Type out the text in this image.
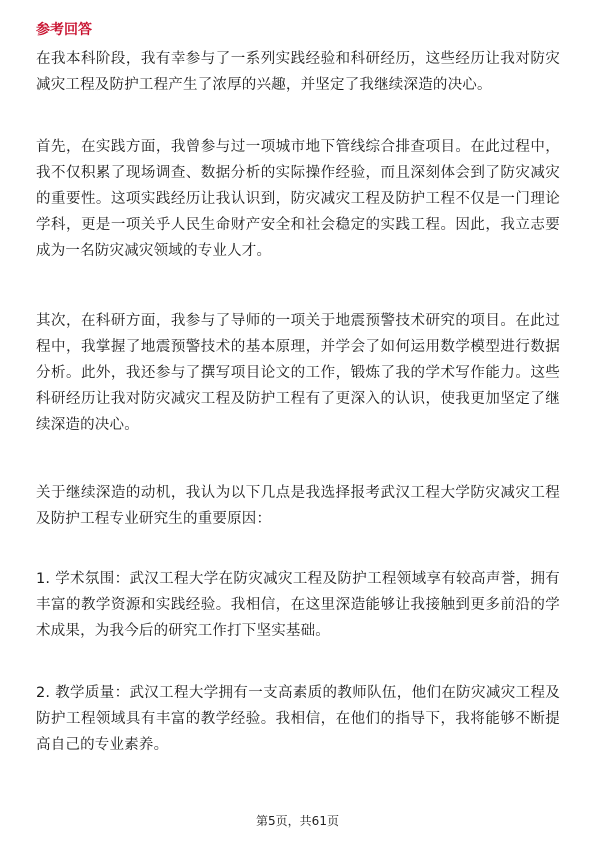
参考回答

在我本科阶段，我有幸参与了一系列实践经验和科研经历，这些经历让我对防灾减灾工程及防护工程产生了浓厚的兴趣，并坚定了我继续深造的决心。

首先，在实践方面，我曾参与过一项城市地下管线综合排查项目。在此过程中，我不仅积累了现场调查、数据分析的实际操作经验，而且深刻体会到了防灾减灾的重要性。这项实践经历让我认识到，防灾减灾工程及防护工程不仅是一门理论学科，更是一项关乎人民生命财产安全和社会稳定的实践工程。因此，我立志要成为一名防灾减灾领域的专业人才。

其次，在科研方面，我参与了导师的一项关于地震预警技术研究的项目。在此过程中，我掌握了地震预警技术的基本原理，并学会了如何运用数学模型进行数据分析。此外，我还参与了撰写项目论文的工作，锻炼了我的学术写作能力。这些科研经历让我对防灾减灾工程及防护工程有了更深入的认识，使我更加坚定了继续深造的决心。

关于继续深造的动机，我认为以下几点是我选择报考武汉工程大学防灾减灾工程及防护工程专业研究生的重要原因：

1. 学术氛围：武汉工程大学在防灾减灾工程及防护工程领域享有较高声誉，拥有丰富的教学资源和实践经验。我相信，在这里深造能够让我接触到更多前沿的学术成果，为我今后的研究工作打下坚实基础。

2. 教学质量：武汉工程大学拥有一支高素质的教师队伍，他们在防灾减灾工程及防护工程领域具有丰富的教学经验。我相信，在他们的指导下，我将能够不断提高自己的专业素养。

第5页，共61页
